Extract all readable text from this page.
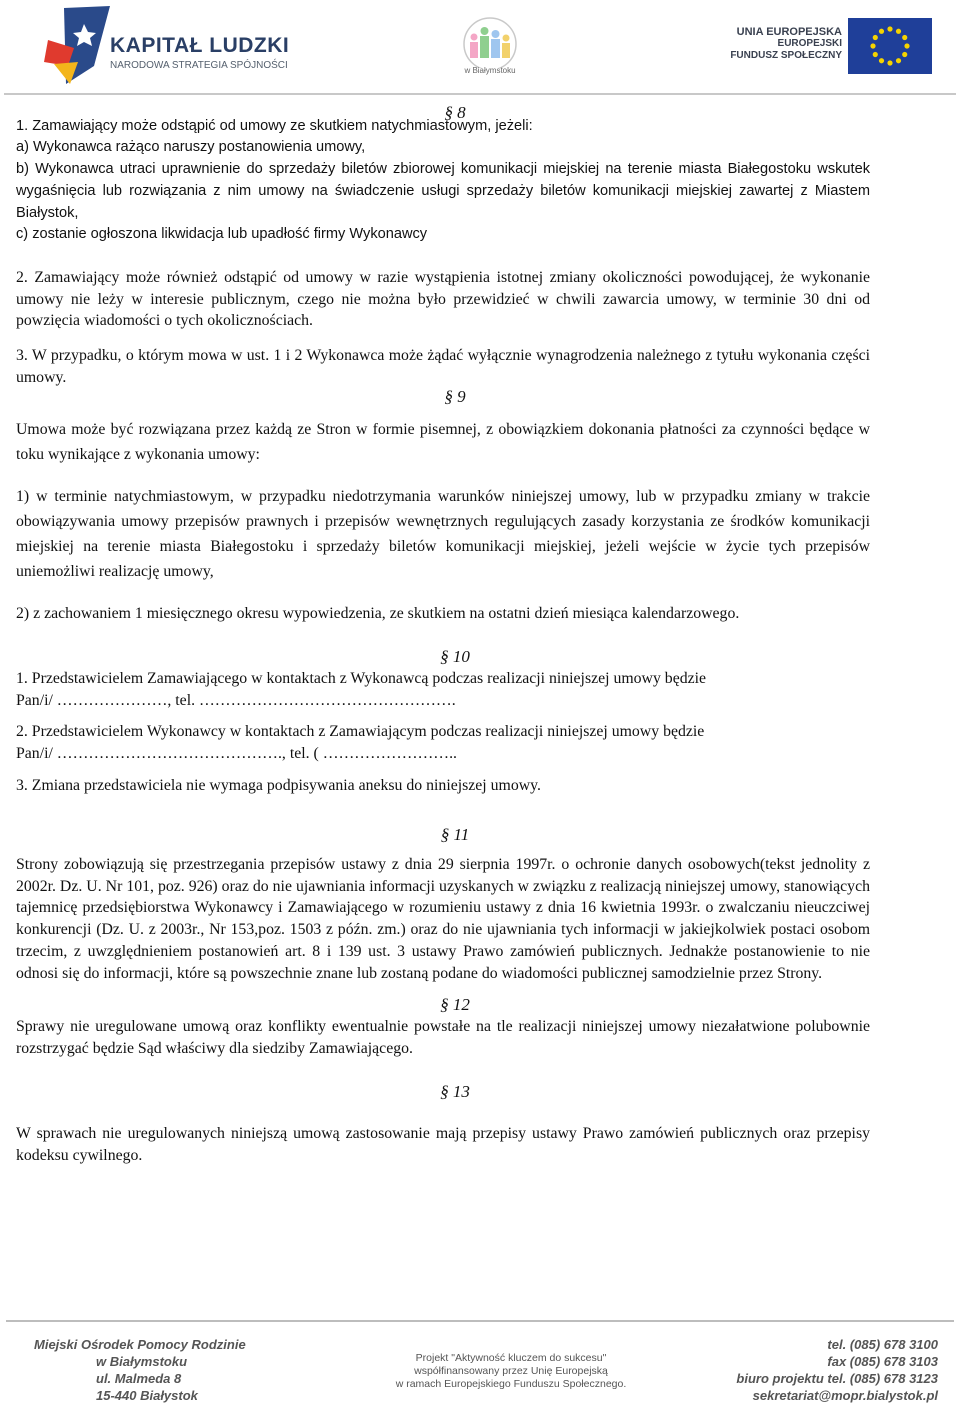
KAPITAŁ LUDZKI
NARODOWA STRATEGIA SPÓJNOŚCI	w Białymstoku
UNIA EUROPEJSKA
EUROPEJSKI
FUNDUSZ SPOŁECZNY

§ 8

1. Zamawiający może odstąpić od umowy ze skutkiem natychmiastowym, jeżeli:

a) Wykonawca rażąco naruszy postanowienia umowy,

b) Wykonawca utraci uprawnienie do sprzedaży biletów zbiorowej komunikacji miejskiej na terenie miasta Białegostoku wskutek wygaśnięcia lub rozwiązania z nim umowy na świadczenie usługi sprzedaży biletów komunikacji miejskiej zawartej z Miastem Białystok,

c) zostanie ogłoszona likwidacja lub upadłość firmy Wykonawcy

2. Zamawiający może również odstąpić od umowy w razie wystąpienia istotnej zmiany okoliczności powodującej, że wykonanie umowy nie leży w interesie publicznym, czego nie można było przewidzieć w chwili zawarcia umowy, w terminie 30 dni od powzięcia wiadomości o tych okolicznościach.

3. W przypadku, o którym mowa w ust. 1 i 2 Wykonawca może żądać wyłącznie wynagrodzenia należnego z tytułu wykonania części umowy.

§ 9

Umowa może być rozwiązana przez każdą ze Stron w formie pisemnej, z obowiązkiem dokonania płatności za czynności będące w toku wynikające z wykonania umowy:

1) w terminie natychmiastowym, w przypadku niedotrzymania warunków niniejszej umowy, lub w przypadku zmiany w trakcie obowiązywania umowy przepisów prawnych i przepisów wewnętrznych regulujących zasady korzystania ze środków komunikacji miejskiej na terenie miasta Białegostoku i sprzedaży biletów komunikacji miejskiej, jeżeli wejście w życie tych przepisów uniemożliwi realizację umowy,

2) z zachowaniem 1 miesięcznego okresu wypowiedzenia, ze skutkiem na ostatni dzień miesiąca kalendarzowego.

§ 10

1. Przedstawicielem Zamawiającego w kontaktach z Wykonawcą podczas realizacji niniejszej umowy będzie

Pan/i/ …………………, tel. ………………………………………….

2. Przedstawicielem Wykonawcy w kontaktach z Zamawiającym podczas realizacji niniejszej umowy będzie

Pan/i/ ……………………………………., tel. ( ……………………..

3. Zmiana przedstawiciela nie wymaga podpisywania aneksu do niniejszej umowy.

§ 11

Strony zobowiązują się przestrzegania przepisów ustawy z dnia 29 sierpnia 1997r. o ochronie danych osobowych(tekst jednolity z 2002r. Dz. U. Nr 101, poz. 926) oraz do nie ujawniania informacji uzyskanych w związku z realizacją niniejszej umowy, stanowiących tajemnicę przedsiębiorstwa Wykonawcy i Zamawiającego w rozumieniu ustawy z dnia 16 kwietnia 1993r. o zwalczaniu nieuczciwej konkurencji (Dz. U. z 2003r., Nr 153,poz. 1503 z późn. zm.) oraz do nie ujawniania tych informacji w jakiejkolwiek postaci osobom trzecim, z uwzględnieniem postanowień art. 8 i 139 ust. 3 ustawy Prawo zamówień publicznych. Jednakże postanowienie to nie odnosi się do informacji, które są powszechnie znane lub zostaną podane do wiadomości publicznej samodzielnie przez Strony.

§ 12

Sprawy nie uregulowane umową oraz konflikty ewentualnie powstałe na tle realizacji niniejszej umowy niezałatwione polubownie rozstrzygać będzie Sąd właściwy dla siedziby Zamawiającego.

§ 13

W sprawach nie uregulowanych niniejszą umową zastosowanie mają przepisy ustawy Prawo zamówień publicznych oraz przepisy kodeksu cywilnego.

Miejski Ośrodek Pomocy Rodzinie
w Białymstoku
ul. Malmeda 8
15-440 Białystok
Projekt "Aktywność kluczem do sukcesu"
współfinansowany przez Unię Europejską
w ramach Europejskiego Funduszu Społecznego.
tel. (085) 678 3100
fax (085) 678 3103
biuro projektu tel. (085) 678 3123
sekretariat@mopr.bialystok.pl
